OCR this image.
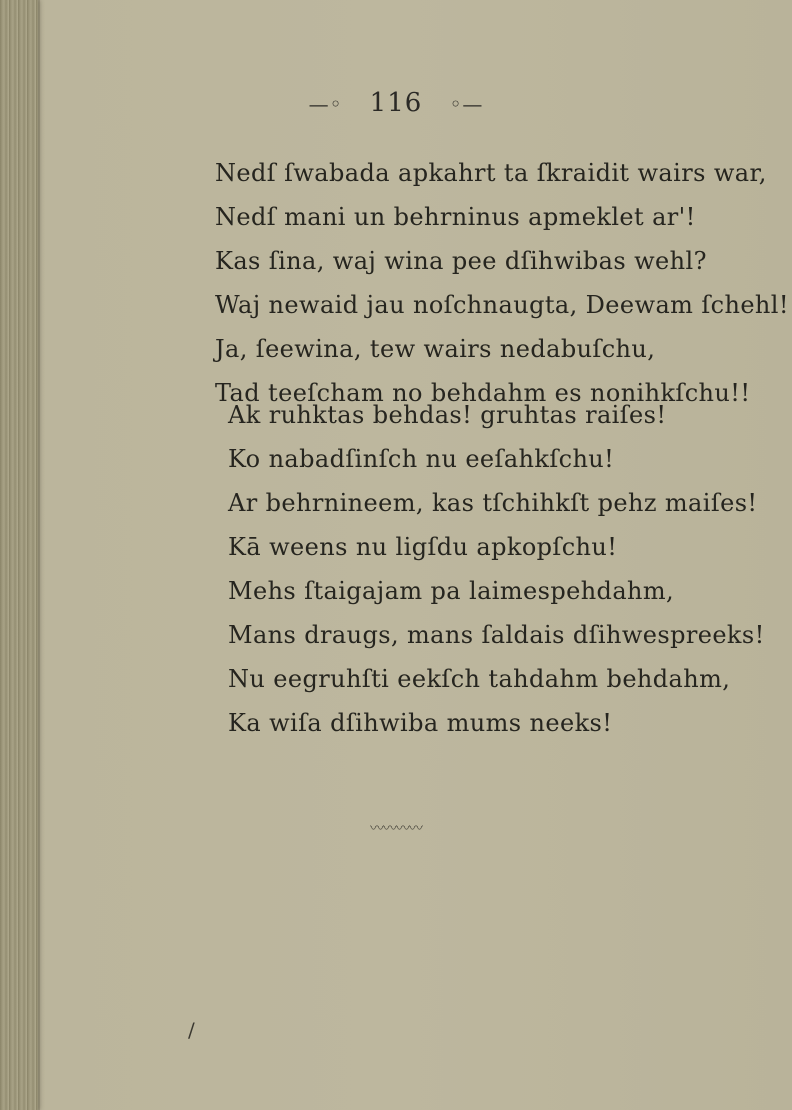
—◦ 116 ◦—
Nedſ ſwabada apkahrt ta ſkraidit wairs war,
Nedſ mani un behrninus apmeklet ar'!
Kas ſina, waj wina pee dſihwibas wehl?
Waj newaid jau noſchnaugta, Deewam ſchehl!
Ja, ſeewina, tew wairs nedabuſchu,
Tad teeſcham no behdahm es nonihkſchu!!
Ak ruhktas behdas! gruhtas raiſes!
Ko nabadſinſch nu eeſahkſchu!
Ar behrnineem, kas tſchihkſt pehz maiſes!
Kā weens nu ligſdu apkopſchu!
Mehs ſtaigajam pa laimespehdahm,
Mans draugs, mans ſaldais dſihwespreeks!
Nu eegruhſti eekſch tahdahm behdahm,
Ka wiſa dſihwiba mums neeks!
〰〰〰〰
/
